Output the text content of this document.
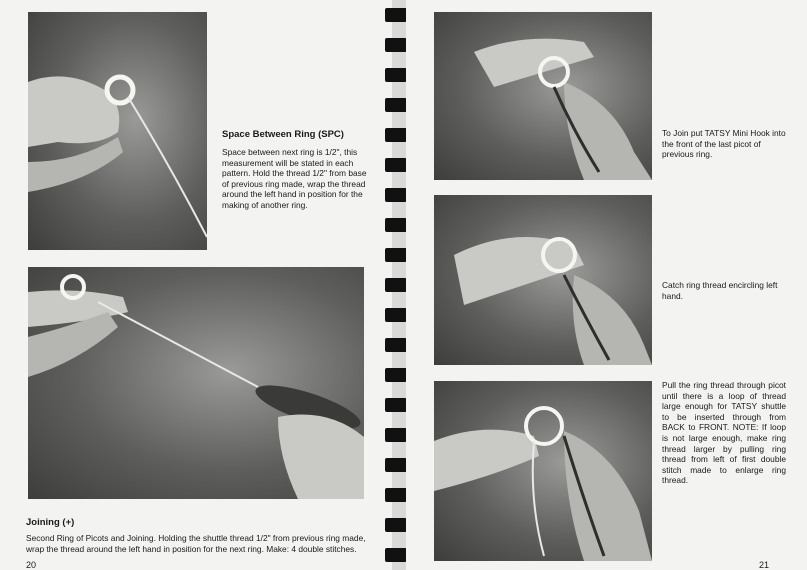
Space Between Ring (SPC)

Space between next ring is 1/2", this measurement will be stated in each pattern. Hold the thread 1/2" from base of previous ring made, wrap the thread around the left hand in position for the making of another ring.

Joining (+)

Second Ring of Picots and Joining. Holding the shuttle thread 1/2" from previous ring made, wrap the thread around the left hand in position for the next ring. Make: 4 double stitches.

20
To Join put TATSY Mini Hook into the front of the last picot of previous ring.
Catch ring thread encircling left hand.

Pull the ring thread through picot until there is a loop of thread large enough for TATSY shuttle to be inserted through from BACK to FRONT. NOTE: If loop is not large enough, make ring thread larger by pulling ring thread from left of first double stitch made to enlarge ring thread.

21
